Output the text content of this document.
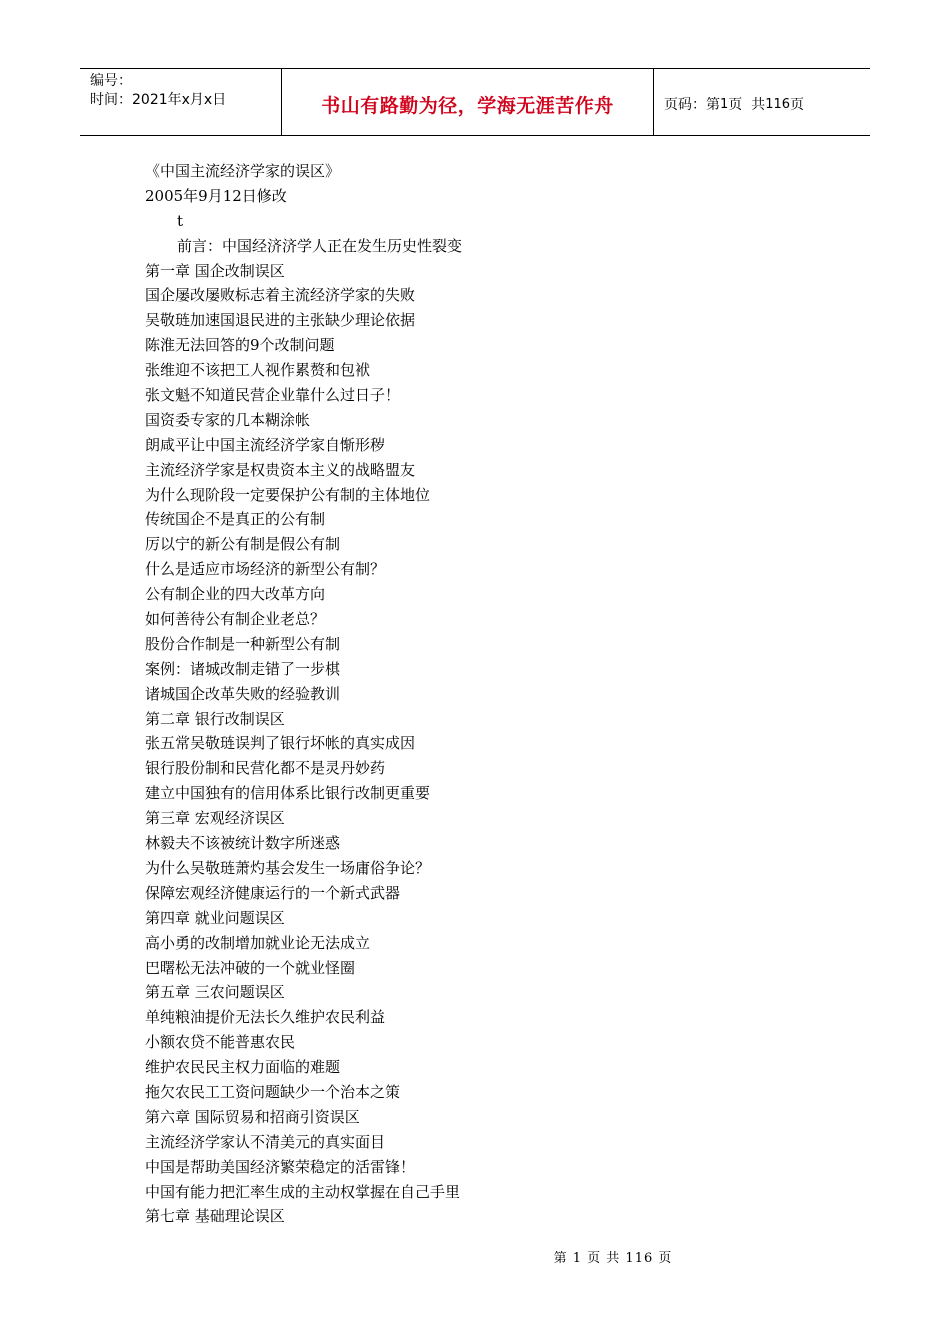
编号：
时间：2021年x月x日	书山有路勤为径，学海无涯苦作舟	页码：第 1 页  共 116 页
《中国主流经济学家的误区》
2005年9月12日修改
t
前言：中国经济济学人正在发生历史性裂变
第一章 国企改制误区
国企屡改屡败标志着主流经济学家的失败
吴敬琏加速国退民进的主张缺少理论依据
陈淮无法回答的9个改制问题
张维迎不该把工人视作累赘和包袱
张文魁不知道民营企业靠什么过日子！
国资委专家的几本糊涂帐
朗咸平让中国主流经济学家自惭形秽
主流经济学家是权贵资本主义的战略盟友
为什么现阶段一定要保护公有制的主体地位
传统国企不是真正的公有制
厉以宁的新公有制是假公有制
什么是适应市场经济的新型公有制？
公有制企业的四大改革方向
如何善待公有制企业老总？
股份合作制是一种新型公有制
案例：诸城改制走错了一步棋
诸城国企改革失败的经验教训
第二章 银行改制误区
张五常吴敬琏误判了银行坏帐的真实成因
银行股份制和民营化都不是灵丹妙药
建立中国独有的信用体系比银行改制更重要
第三章 宏观经济误区
林毅夫不该被统计数字所迷惑
为什么吴敬琏萧灼基会发生一场庸俗争论？
保障宏观经济健康运行的一个新式武器
第四章 就业问题误区
高小勇的改制增加就业论无法成立
巴曙松无法冲破的一个就业怪圈
第五章 三农问题误区
单纯粮油提价无法长久维护农民利益
小额农贷不能普惠农民
维护农民民主权力面临的难题
拖欠农民工工资问题缺少一个治本之策
第六章 国际贸易和招商引资误区
主流经济学家认不清美元的真实面目
中国是帮助美国经济繁荣稳定的活雷锋！
中国有能力把汇率生成的主动权掌握在自己手里
第七章 基础理论误区
第 1 页 共 116 页
